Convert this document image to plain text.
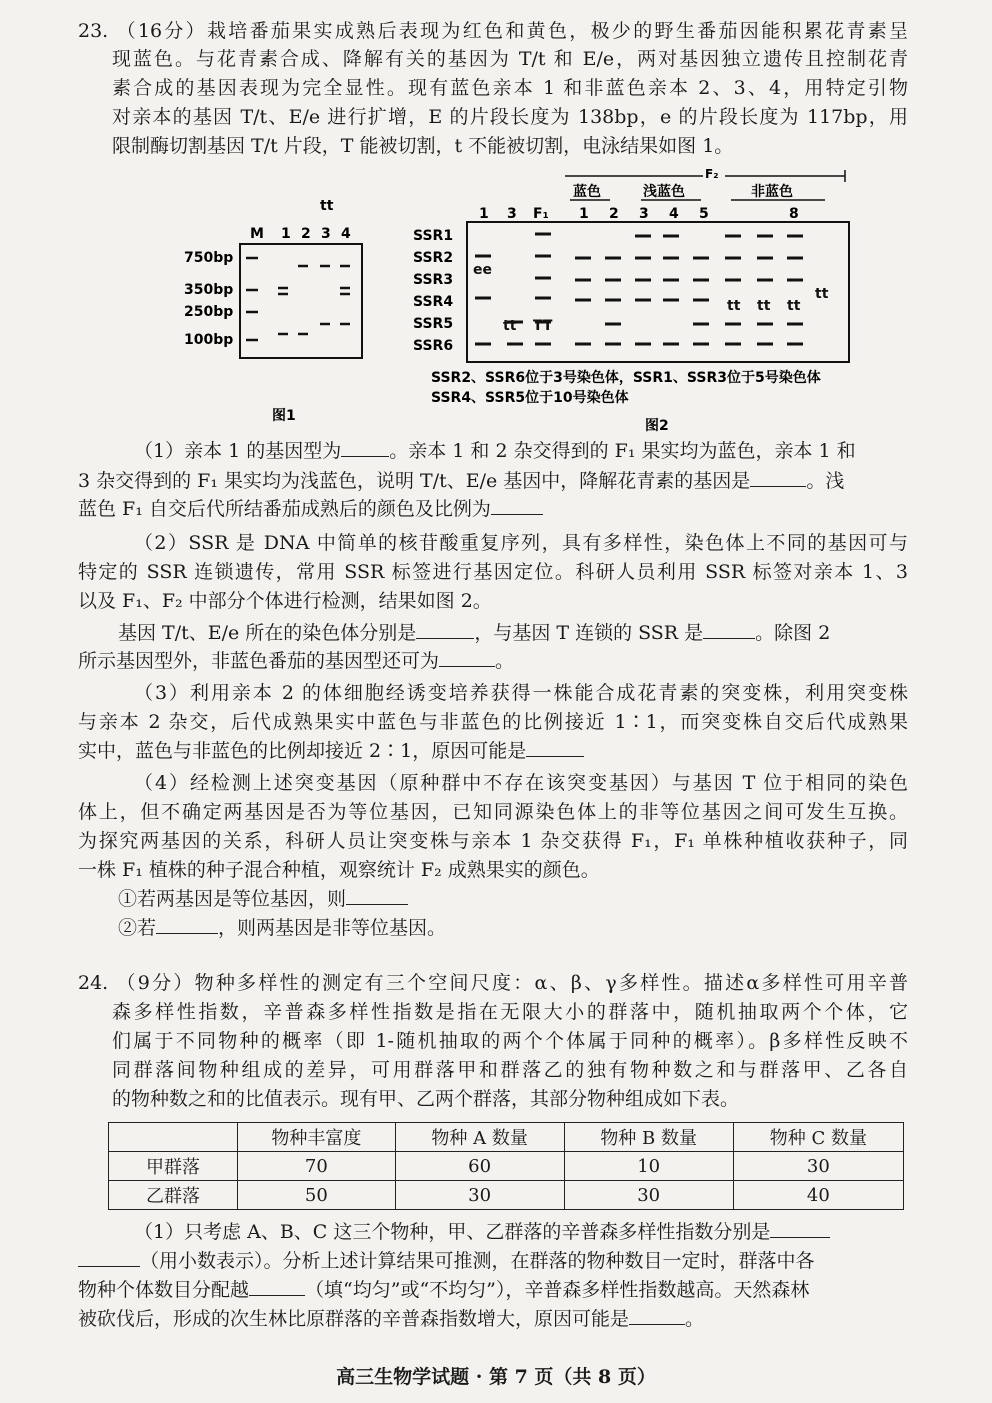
23. （16分）栽培番茄果实成熟后表现为红色和黄色，极少的野生番茄因能积累花青素呈
现蓝色。与花青素合成、降解有关的基因为 T/t 和 E/e，两对基因独立遗传且控制花青
素合成的基因表现为完全显性。现有蓝色亲本 1 和非蓝色亲本 2、3、4，用特定引物
对亲本的基因 T/t、E/e 进行扩增，E 的片段长度为 138bp，e 的片段长度为 117bp，用
限制酶切割基因 T/t 片段，T 能被切割，t 不能被切割，电泳结果如图 1。
tt
M 1 2 3 4
750bp
350bp
250bp
100bp
图1
蓝色	浅蓝色	非蓝色
F₂
1 3 F₁ 1 2 3 4 5	8
SSR1
SSR2
SSR3
SSR4
SSR5
SSR6
ee
tt TT
tt tt tt
tt
SSR2、SSR6位于3号染色体，SSR1、SSR3位于5号染色体
SSR4、SSR5位于10号染色体
图2
（1）亲本 1 的基因型为	。亲本 1 和 2 杂交得到的 F₁ 果实均为蓝色，亲本 1 和
3 杂交得到的 F₁ 果实均为浅蓝色，说明 T/t、E/e 基因中，降解花青素的基因是	。浅
蓝色 F₁ 自交后代所结番茄成熟后的颜色及比例为
（2）SSR 是 DNA 中简单的核苷酸重复序列，具有多样性，染色体上不同的基因可与
特定的 SSR 连锁遗传，常用 SSR 标签进行基因定位。科研人员利用 SSR 标签对亲本 1、3
以及 F₁、F₂ 中部分个体进行检测，结果如图 2。
基因 T/t、E/e 所在的染色体分别是	，与基因 T 连锁的 SSR 是	。除图 2
所示基因型外，非蓝色番茄的基因型还可为	。
（3）利用亲本 2 的体细胞经诱变培养获得一株能合成花青素的突变株，利用突变株
与亲本 2 杂交，后代成熟果实中蓝色与非蓝色的比例接近 1∶1，而突变株自交后代成熟果
实中，蓝色与非蓝色的比例却接近 2∶1，原因可能是
（4）经检测上述突变基因（原种群中不存在该突变基因）与基因 T 位于相同的染色
体上，但不确定两基因是否为等位基因，已知同源染色体上的非等位基因之间可发生互换。
为探究两基因的关系，科研人员让突变株与亲本 1 杂交获得 F₁，F₁ 单株种植收获种子，同
一株 F₁ 植株的种子混合种植，观察统计 F₂ 成熟果实的颜色。
①若两基因是等位基因，则
②若	，则两基因是非等位基因。
24. （9分）物种多样性的测定有三个空间尺度：α、β、γ多样性。描述α多样性可用辛普
森多样性指数，辛普森多样性指数是指在无限大小的群落中，随机抽取两个个体，它
们属于不同物种的概率（即 1-随机抽取的两个个体属于同种的概率）。β多样性反映不
同群落间物种组成的差异，可用群落甲和群落乙的独有物种数之和与群落甲、乙各自
的物种数之和的比值表示。现有甲、乙两个群落，其部分物种组成如下表。
	物种丰富度	物种 A 数量	物种 B 数量	物种 C 数量
甲群落	70	60	10	30
乙群落	50	30	30	40
（1）只考虑 A、B、C 这三个物种，甲、乙群落的辛普森多样性指数分别是
（用小数表示）。分析上述计算结果可推测，在群落的物种数目一定时，群落中各
物种个体数目分配越	（填“均匀”或“不均匀”），辛普森多样性指数越高。天然森林
被砍伐后，形成的次生林比原群落的辛普森指数增大，原因可能是	。
高三生物学试题 · 第 7 页（共 8 页）
